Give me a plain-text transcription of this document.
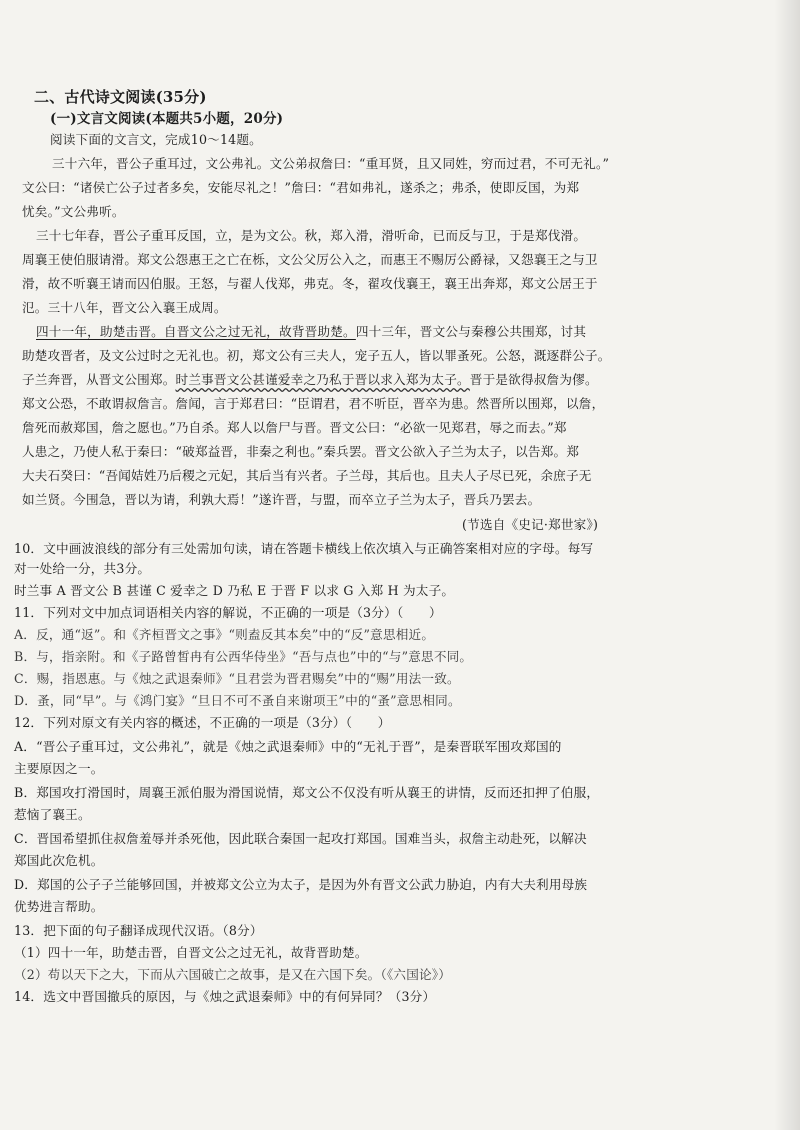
二、古代诗文阅读(35分)
(一)文言文阅读(本题共5小题，20分)
阅读下面的文言文，完成10～14题。
三十六年，晋公子重耳过，文公弗礼。文公弟叔詹曰：“重耳贤，且又同姓，穷而过君，不可无礼。”
文公曰：“诸侯亡公子过者多矣，安能尽礼之！”詹曰：“君如弗礼，遂杀之；弗杀，使即反国，为郑
忧矣。”文公弗听。
三十七年春，晋公子重耳反国，立，是为文公。秋，郑入滑，滑听命，已而反与卫，于是郑伐滑。
周襄王使伯服请滑。郑文公怨惠王之亡在栎，文公父厉公入之，而惠王不赐厉公爵禄，又怨襄王之与卫
滑，故不听襄王请而囚伯服。王怒，与翟人伐郑，弗克。冬，翟攻伐襄王，襄王出奔郑，郑文公居王于
氾。三十八年，晋文公入襄王成周。
四十一年，助楚击晋。自晋文公之过无礼，故背晋助楚。四十三年，晋文公与秦穆公共围郑，讨其
助楚攻晋者，及文公过时之无礼也。初，郑文公有三夫人，宠子五人，皆以罪蚤死。公怒，溉逐群公子。
子兰奔晋，从晋文公围郑。时兰事晋文公甚谨爱幸之乃私于晋以求入郑为太子。晋于是欲得叔詹为僇。
郑文公恐，不敢谓叔詹言。詹闻，言于郑君曰：“臣谓君，君不听臣，晋卒为患。然晋所以围郑，以詹，
詹死而赦郑国，詹之愿也。”乃自杀。郑人以詹尸与晋。晋文公曰：“必欲一见郑君，辱之而去。”郑
人患之，乃使人私于秦曰：“破郑益晋，非秦之利也。”秦兵罢。晋文公欲入子兰为太子，以告郑。郑
大夫石癸曰：“吾闻姞姓乃后稷之元妃，其后当有兴者。子兰母，其后也。且夫人子尽已死，余庶子无
如兰贤。今围急，晋以为请，利孰大焉！”遂许晋，与盟，而卒立子兰为太子，晋兵乃罢去。
(节选自《史记·郑世家》)
10．文中画波浪线的部分有三处需加句读，请在答题卡横线上依次填入与正确答案相对应的字母。每写
对一处给一分，共3分。
时兰事 A 晋文公 B 甚谨 C 爱幸之 D 乃私 E 于晋 F 以求 G 入郑 H 为太子。
11．下列对文中加点词语相关内容的解说，不正确的一项是（3分）（　　）
A．反，通“返”。和《齐桓晋文之事》“则盍反其本矣”中的“反”意思相近。
B．与，指亲附。和《子路曾皙冉有公西华侍坐》“吾与点也”中的“与”意思不同。
C．赐，指恩惠。与《烛之武退秦师》“且君尝为晋君赐矣”中的“赐”用法一致。
D．蚤，同“早”。与《鸿门宴》“旦日不可不蚤自来谢项王”中的“蚤”意思相同。
12．下列对原文有关内容的概述，不正确的一项是（3分）（　　）
A．“晋公子重耳过，文公弗礼”，就是《烛之武退秦师》中的“无礼于晋”，是秦晋联军围攻郑国的
主要原因之一。
B．郑国攻打滑国时，周襄王派伯服为滑国说情，郑文公不仅没有听从襄王的讲情，反而还扣押了伯服，
惹恼了襄王。
C．晋国希望抓住叔詹羞辱并杀死他，因此联合秦国一起攻打郑国。国难当头，叔詹主动赴死，以解决
郑国此次危机。
D．郑国的公子子兰能够回国，并被郑文公立为太子，是因为外有晋文公武力胁迫，内有大夫利用母族
优势进言帮助。
13．把下面的句子翻译成现代汉语。（8分）
（1）四十一年，助楚击晋，自晋文公之过无礼，故背晋助楚。
（2）苟以天下之大，下而从六国破亡之故事，是又在六国下矣。（《六国论》）
14．选文中晋国撤兵的原因，与《烛之武退秦师》中的有何异同？（3分）
